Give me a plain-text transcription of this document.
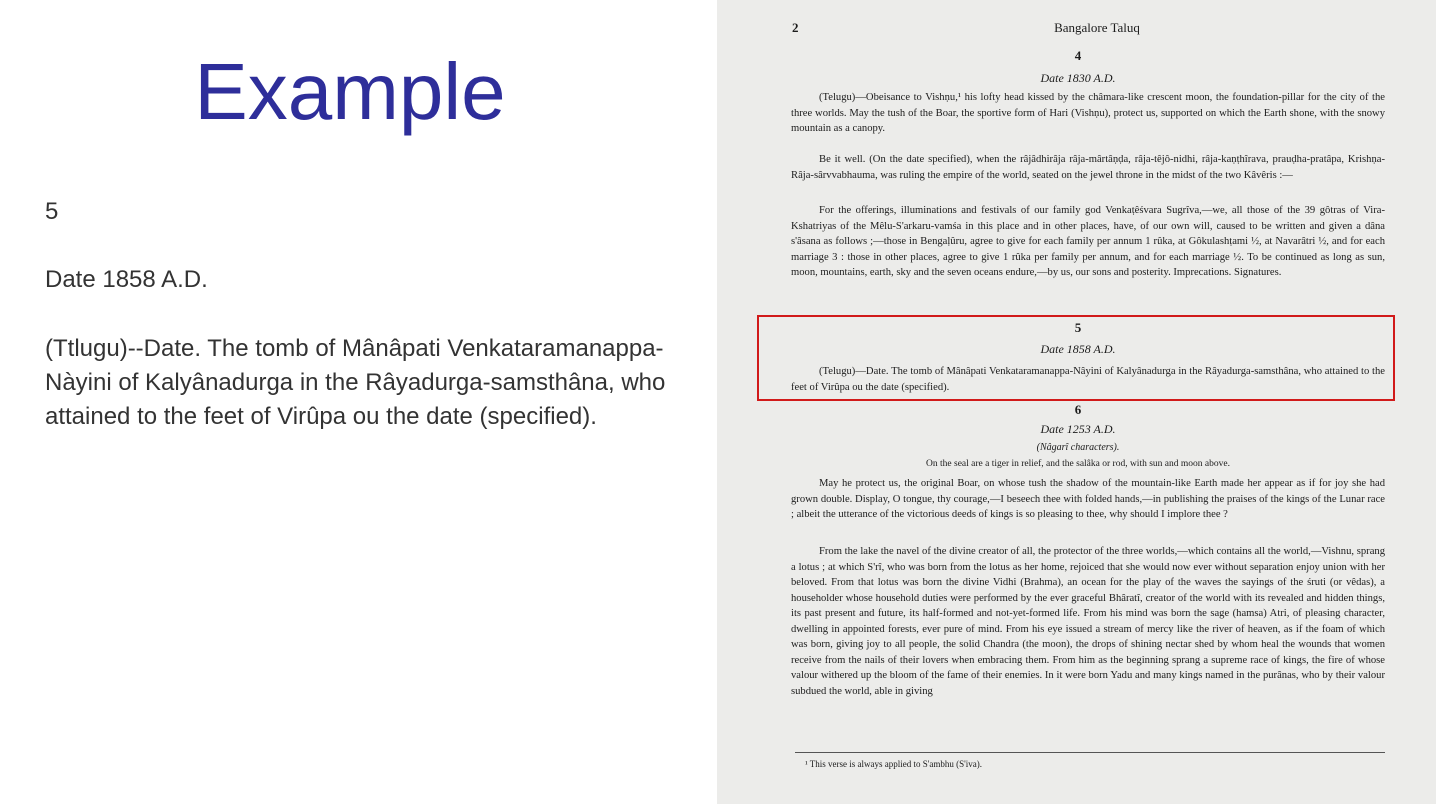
Example
5
Date 1858 A.D.
(Ttlugu)--Date. The tomb of Mânâpati Venkataramanappa-Nàyini of Kalyânadurga in the Râyadurga-samsthâna, who attained to the feet of Virûpa ou the date (specified).
2	Bangalore Taluq
4
Date 1830 A.D.
(Telugu)—Obeisance to Vishṇu,¹ his lofty head kissed by the châmara-like crescent moon, the foundation-pillar for the city of the three worlds. May the tush of the Boar, the sportive form of Hari (Vishṇu), protect us, supported on which the Earth shone, with the snowy mountain as a canopy.
Be it well. (On the date specified), when the râjâdhirâja râja-mârtâṇḍa, râja-têjô-nidhi, râja-kaṇṭhîrava, prauḍha-pratâpa, Krishṇa-Râja-sârvvabhauma, was ruling the empire of the world, seated on the jewel throne in the midst of the two Kâvêris :—
For the offerings, illuminations and festivals of our family god Venkaṭêśvara Sugrîva,—we, all those of the 39 gôtras of Vira-Kshatriyas of the Mêlu-S'arkaru-vamśa in this place and in other places, have, of our own will, caused to be written and given a dâna s'âsana as follows ;—those in Bengaḷûru, agree to give for each family per annum 1 rûka, at Gôkulashṭami ½, at Navarâtri ½, and for each marriage 3 : those in other places, agree to give 1 rûka per family per annum, and for each marriage ½. To be continued as long as sun, moon, mountains, earth, sky and the seven oceans endure,—by us, our sons and posterity. Imprecations. Signatures.
5
Date 1858 A.D.
(Telugu)—Date. The tomb of Mânâpati Venkataramanappa-Nâyini of Kalyânadurga in the Râyadurga-samsthâna, who attained to the feet of Virûpa ou the date (specified).
6
Date 1253 A.D.
(Nâgarî characters).
On the seal are a tiger in relief, and the salâka or rod, with sun and moon above.
May he protect us, the original Boar, on whose tush the shadow of the mountain-like Earth made her appear as if for joy she had grown double. Display, O tongue, thy courage,—I beseech thee with folded hands,—in publishing the praises of the kings of the Lunar race ; albeit the utterance of the victorious deeds of kings is so pleasing to thee, why should I implore thee ?
From the lake the navel of the divine creator of all, the protector of the three worlds,—which contains all the world,—Vishnu, sprang a lotus ; at which S'rî, who was born from the lotus as her home, rejoiced that she would now ever without separation enjoy union with her beloved. From that lotus was born the divine Vidhi (Brahma), an ocean for the play of the waves the sayings of the śruti (or vêdas), a householder whose household duties were performed by the ever graceful Bhâratî, creator of the world with its revealed and hidden things, its past present and future, its half-formed and not-yet-formed life. From his mind was born the sage (hamsa) Atri, of pleasing character, dwelling in appointed forests, ever pure of mind. From his eye issued a stream of mercy like the river of heaven, as if the foam of which was born, giving joy to all people, the solid Chandra (the moon), the drops of shining nectar shed by whom heal the wounds that women receive from the nails of their lovers when embracing them. From him as the beginning sprang a supreme race of kings, the fire of whose valour withered up the bloom of the fame of their enemies. In it were born Yadu and many kings named in the purânas, who by their valour subdued the world, able in giving
¹ This verse is always applied to S'ambhu (S'iva).
